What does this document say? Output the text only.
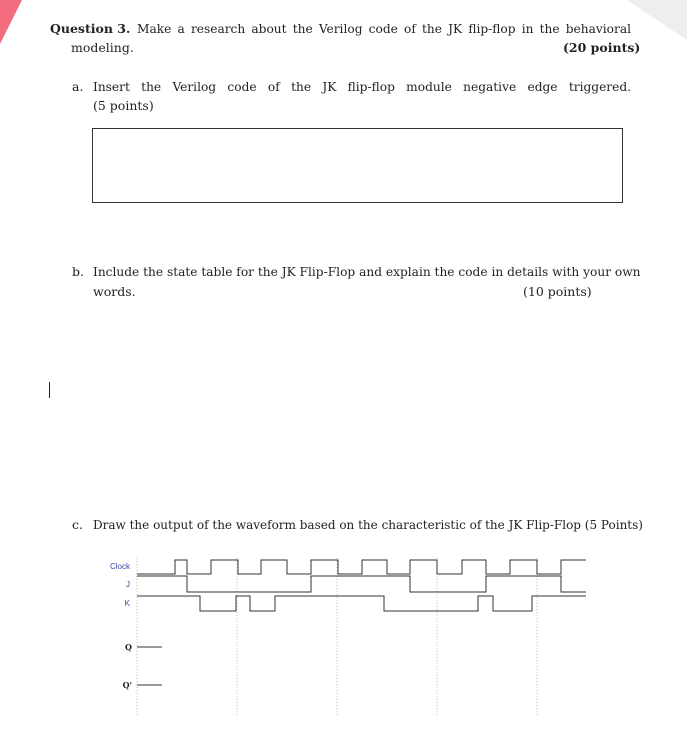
Question 3. Make a research about the Verilog code of the JK flip-flop in the behavioral
modeling.	(20 points)
a. Insert the Verilog code of the JK flip-flop module negative edge triggered.
(5 points)
b. Include the state table for the JK Flip-Flop and explain the code in details with your own
words.	(10 points)
c. Draw the output of the waveform based on the characteristic of the JK Flip-Flop (5 Points)
Clock
J
K
Q
Q'
